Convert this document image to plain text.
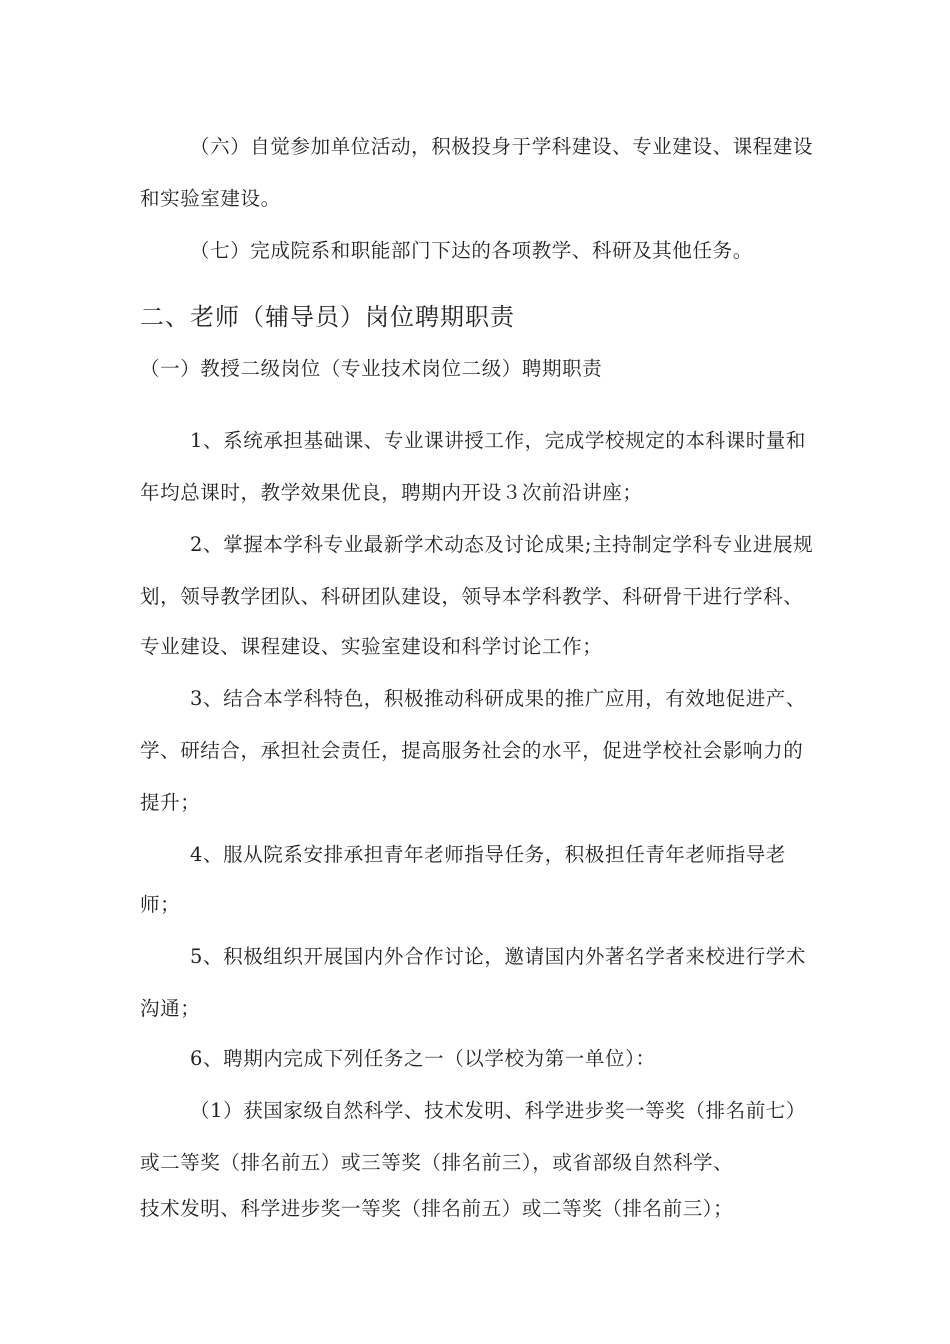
（六）自觉参加单位活动，积极投身于学科建设、专业建设、课程建设

和实验室建设。

（七）完成院系和职能部门下达的各项教学、科研及其他任务。

二、老师（辅导员）岗位聘期职责

（一）教授二级岗位（专业技术岗位二级）聘期职责

1、系统承担基础课、专业课讲授工作，完成学校规定的本科课时量和

年均总课时，教学效果优良，聘期内开设３次前沿讲座；

2、掌握本学科专业最新学术动态及讨论成果;主持制定学科专业进展规

划，领导教学团队、科研团队建设，领导本学科教学、科研骨干进行学科、

专业建设、课程建设、实验室建设和科学讨论工作；

3、结合本学科特色，积极推动科研成果的推广应用，有效地促进产、

学、研结合，承担社会责任，提高服务社会的水平，促进学校社会影响力的

提升；

4、服从院系安排承担青年老师指导任务，积极担任青年老师指导老

师；

5、积极组织开展国内外合作讨论，邀请国内外著名学者来校进行学术

沟通；

6、聘期内完成下列任务之一（以学校为第一单位）：

（1）获国家级自然科学、技术发明、科学进步奖一等奖（排名前七）

或二等奖（排名前五）或三等奖（排名前三），或省部级自然科学、

技术发明、科学进步奖一等奖（排名前五）或二等奖（排名前三）；
